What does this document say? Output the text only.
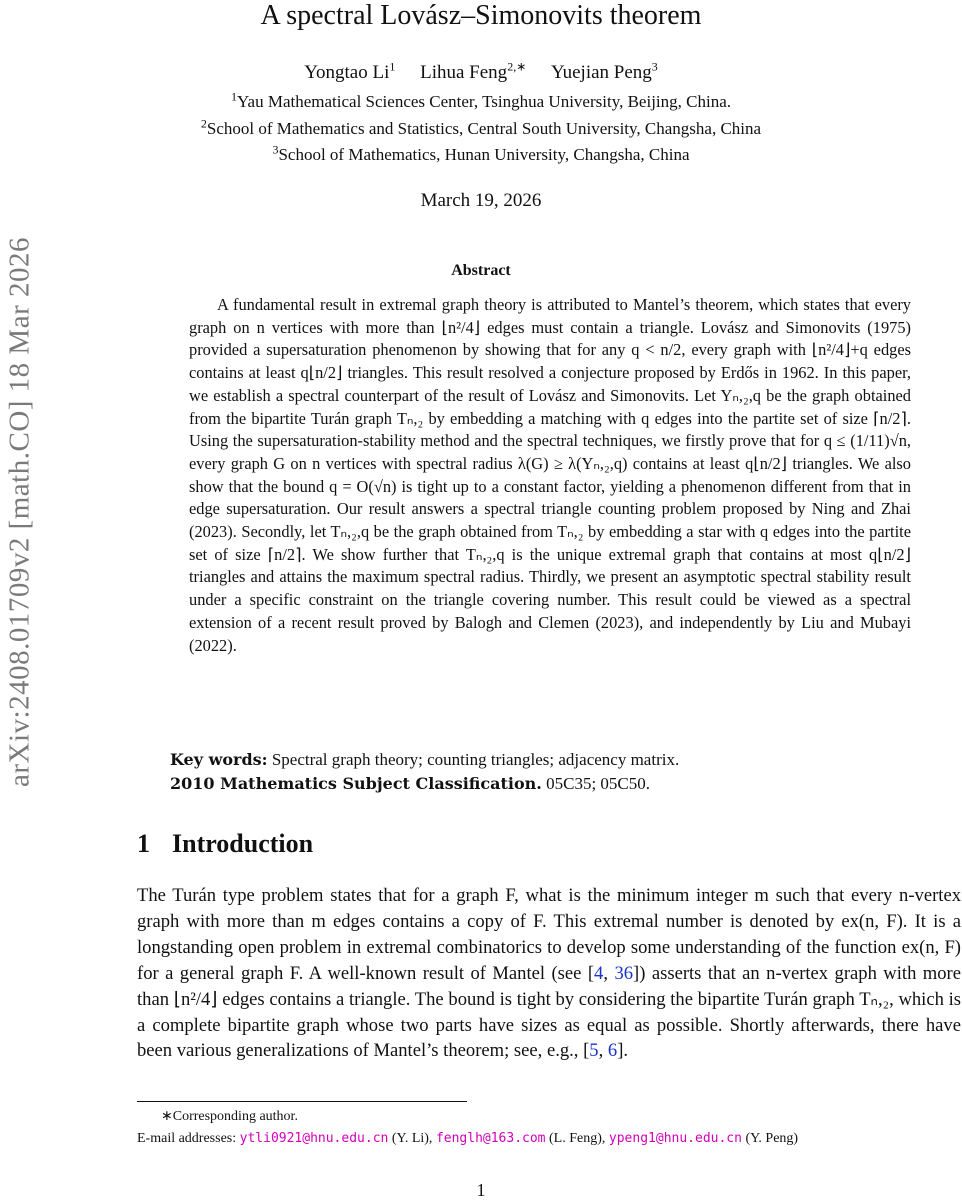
arXiv:2408.01709v2 [math.CO] 18 Mar 2026
A spectral Lovász–Simonovits theorem
Yongtao Li$^1$ Lihua Feng$^{2,∗}$ Yuejian Peng$^3$
$^1$Yau Mathematical Sciences Center, Tsinghua University, Beijing, China.
$^2$School of Mathematics and Statistics, Central South University, Changsha, China
$^3$School of Mathematics, Hunan University, Changsha, China
March 19, 2026
Abstract
A fundamental result in extremal graph theory is attributed to Mantel’s theorem, which states that every graph on n vertices with more than ⌊n²/4⌋ edges must contain a triangle. Lovász and Simonovits (1975) provided a supersaturation phenomenon by showing that for any q < n/2, every graph with ⌊n²/4⌋+q edges contains at least q⌊n/2⌋ triangles. This result resolved a conjecture proposed by Erdős in 1962. In this paper, we establish a spectral counterpart of the result of Lovász and Simonovits. Let Yₙ,₂,q be the graph obtained from the bipartite Turán graph Tₙ,₂ by embedding a matching with q edges into the partite set of size ⌈n/2⌉. Using the supersaturation-stability method and the spectral techniques, we firstly prove that for q ≤ (1/11)√n, every graph G on n vertices with spectral radius λ(G) ≥ λ(Yₙ,₂,q) contains at least q⌊n/2⌋ triangles. We also show that the bound q = O(√n) is tight up to a constant factor, yielding a phenomenon different from that in edge supersaturation. Our result answers a spectral triangle counting problem proposed by Ning and Zhai (2023). Secondly, let Tₙ,₂,q be the graph obtained from Tₙ,₂ by embedding a star with q edges into the partite set of size ⌈n/2⌉. We show further that Tₙ,₂,q is the unique extremal graph that contains at most q⌊n/2⌋ triangles and attains the maximum spectral radius. Thirdly, we present an asymptotic spectral stability result under a specific constraint on the triangle covering number. This result could be viewed as a spectral extension of a recent result proved by Balogh and Clemen (2023), and independently by Liu and Mubayi (2022).
Key words: Spectral graph theory; counting triangles; adjacency matrix.
2010 Mathematics Subject Classification. 05C35; 05C50.
1 Introduction
The Turán type problem states that for a graph F, what is the minimum integer m such that every n-vertex graph with more than m edges contains a copy of F. This extremal number is denoted by ex(n, F). It is a longstanding open problem in extremal combinatorics to develop some understanding of the function ex(n, F) for a general graph F. A well-known result of Mantel (see [4, 36]) asserts that an n-vertex graph with more than ⌊n²/4⌋ edges contains a triangle. The bound is tight by considering the bipartite Turán graph Tₙ,₂, which is a complete bipartite graph whose two parts have sizes as equal as possible. Shortly afterwards, there have been various generalizations of Mantel’s theorem; see, e.g., [5, 6].
∗Corresponding author.
E-mail addresses: ytli0921@hnu.edu.cn (Y. Li), fenglh@163.com (L. Feng), ypeng1@hnu.edu.cn (Y. Peng)
1
